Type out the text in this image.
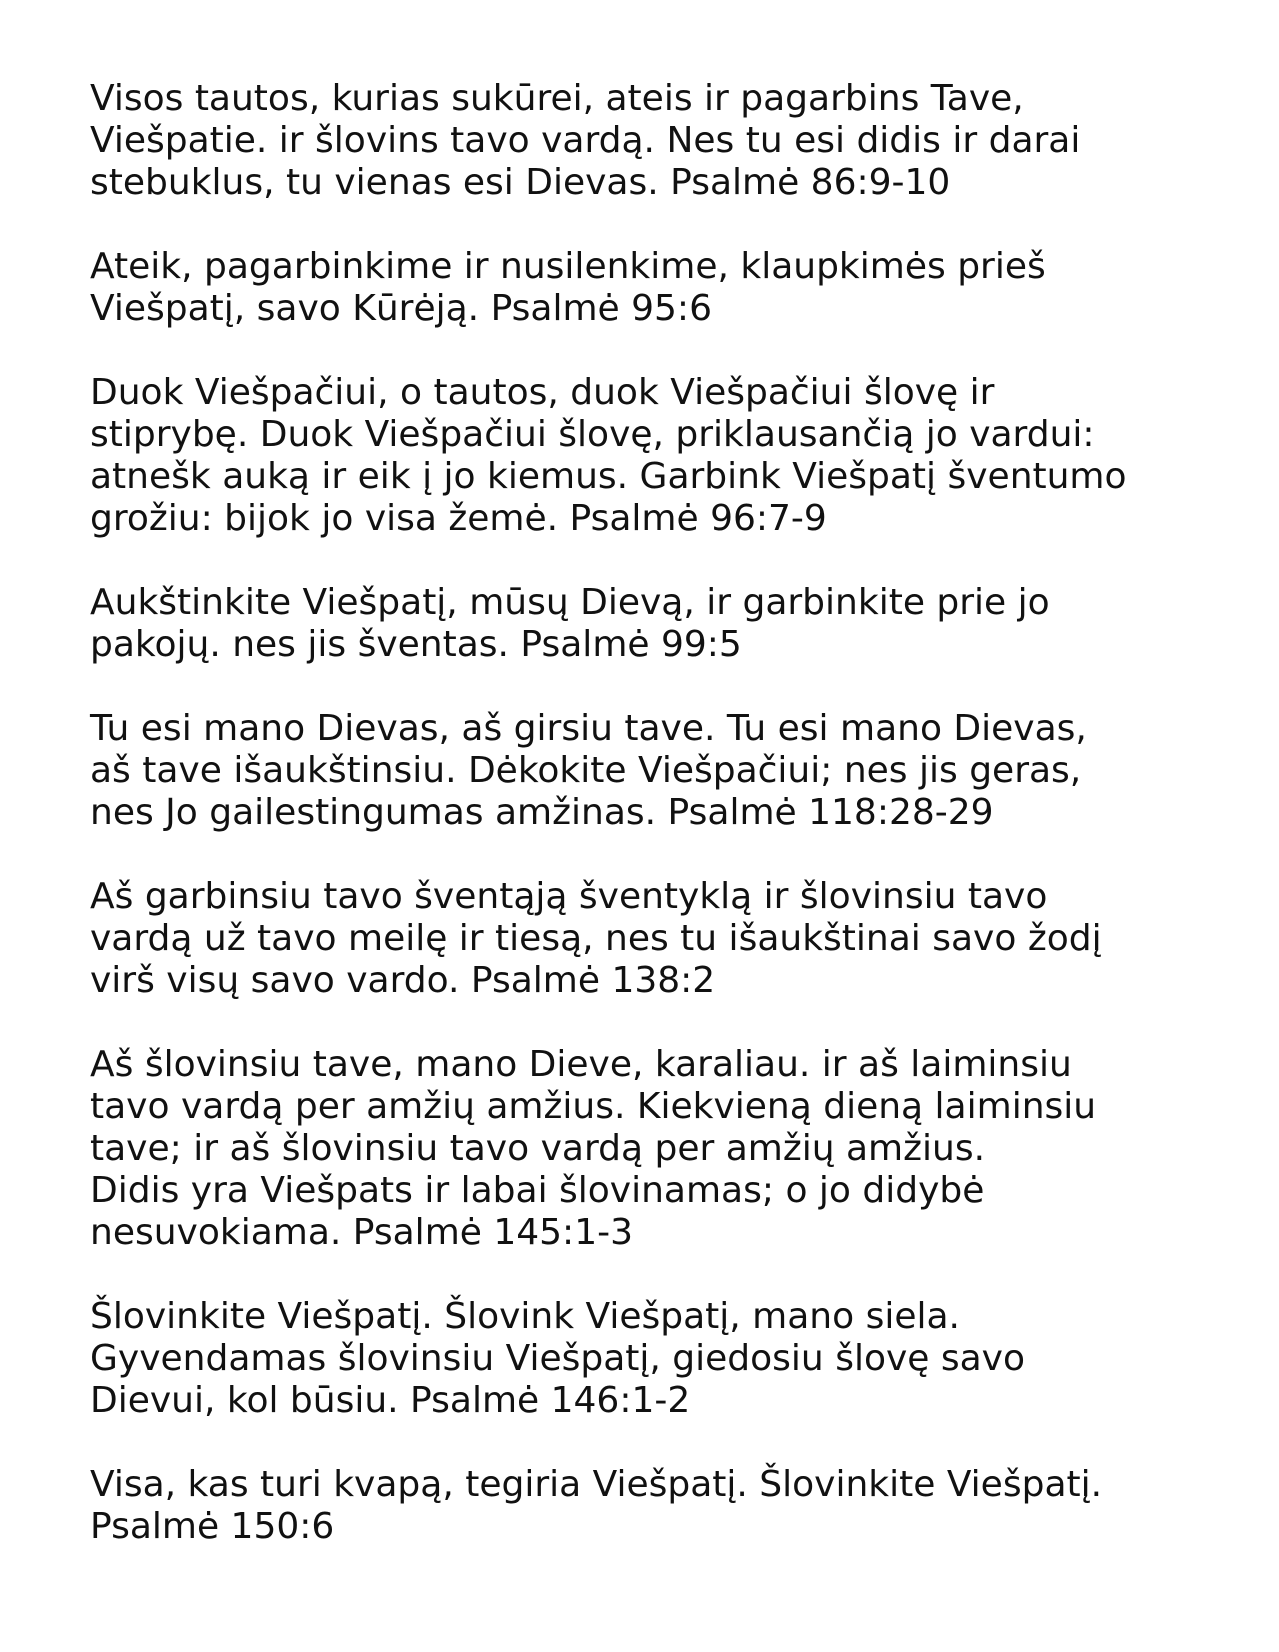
Visos tautos, kurias sukūrei, ateis ir pagarbins Tave,
Viešpatie. ir šlovins tavo vardą. Nes tu esi didis ir darai
stebuklus, tu vienas esi Dievas. Psalmė 86:9-10

Ateik, pagarbinkime ir nusilenkime, klaupkimės prieš
Viešpatį, savo Kūrėją. Psalmė 95:6

Duok Viešpačiui, o tautos, duok Viešpačiui šlovę ir
stiprybę. Duok Viešpačiui šlovę, priklausančią jo vardui:
atnešk auką ir eik į jo kiemus. Garbink Viešpatį šventumo
grožiu: bijok jo visa žemė. Psalmė 96:7-9

Aukštinkite Viešpatį, mūsų Dievą, ir garbinkite prie jo
pakojų. nes jis šventas. Psalmė 99:5

Tu esi mano Dievas, aš girsiu tave. Tu esi mano Dievas,
aš tave išaukštinsiu. Dėkokite Viešpačiui; nes jis geras,
nes Jo gailestingumas amžinas. Psalmė 118:28-29

Aš garbinsiu tavo šventąją šventyklą ir šlovinsiu tavo
vardą už tavo meilę ir tiesą, nes tu išaukštinai savo žodį
virš visų savo vardo. Psalmė 138:2

Aš šlovinsiu tave, mano Dieve, karaliau. ir aš laiminsiu
tavo vardą per amžių amžius. Kiekvieną dieną laiminsiu
tave; ir aš šlovinsiu tavo vardą per amžių amžius.
Didis yra Viešpats ir labai šlovinamas; o jo didybė
nesuvokiama. Psalmė 145:1-3

Šlovinkite Viešpatį. Šlovink Viešpatį, mano siela.
Gyvendamas šlovinsiu Viešpatį, giedosiu šlovę savo
Dievui, kol būsiu. Psalmė 146:1-2

Visa, kas turi kvapą, tegiria Viešpatį. Šlovinkite Viešpatį.
Psalmė 150:6
